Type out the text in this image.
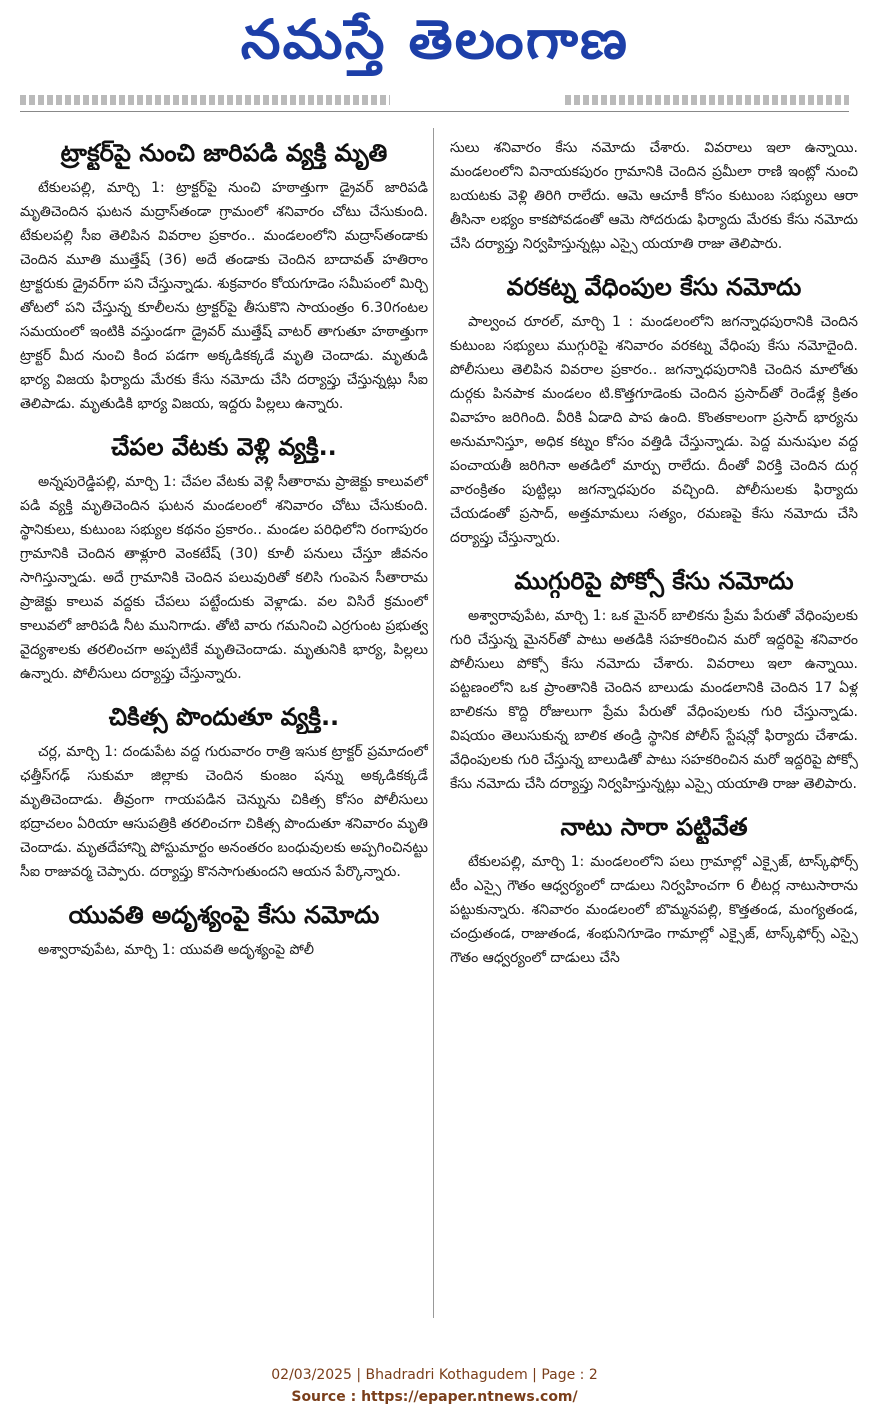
నమస్తే తెలంగాణ
ట్రాక్టర్‌పై నుంచి జారిపడి వ్యక్తి మృతి

టేకులపల్లి, మార్చి 1: ట్రాక్టర్‌పై నుంచి హఠాత్తుగా డ్రైవర్ జారిపడి మృతిచెందిన ఘటన మద్రాస్‌తండా గ్రామంలో శనివారం చోటు చేసుకుంది. టేకులపల్లి సీఐ తెలిపిన వివరాల ప్రకారం.. మండలంలోని మద్రాస్‌తండాకు చెందిన మూతి ముత్తేష్ (36) అదే తండాకు చెందిన బాదావత్ హతిరాం ట్రాక్టరుకు డ్రైవర్‌గా పని చేస్తున్నాడు. శుక్రవారం కోయగూడెం సమీపంలో మిర్చి తోటలో పని చేస్తున్న కూలీలను ట్రాక్టర్‌పై తీసుకొని సాయంత్రం 6.30గంటల సమయంలో ఇంటికి వస్తుండగా డ్రైవర్ ముత్తేష్ వాటర్ తాగుతూ హఠాత్తుగా ట్రాక్టర్ మీద నుంచి కింద పడగా అక్కడికక్కడే మృతి చెందాడు. మృతుడి భార్య విజయ ఫిర్యాదు మేరకు కేసు నమోదు చేసి దర్యాప్తు చేస్తున్నట్లు సీఐ తెలిపాడు. మృతుడికి భార్య విజయ, ఇద్దరు పిల్లలు ఉన్నారు.

చేపల వేటకు వెళ్లి వ్యక్తి..

అన్నపురెడ్డిపల్లి, మార్చి 1: చేపల వేటకు వెళ్లి సీతారామ ప్రాజెక్టు కాలువలో పడి వ్యక్తి మృతిచెందిన ఘటన మండలంలో శనివారం చోటు చేసుకుంది. స్థానికులు, కుటుంబ సభ్యుల కథనం ప్రకారం.. మండల పరిధిలోని రంగాపురం గ్రామానికి చెందిన తాళ్లూరి వెంకటేష్ (30) కూలీ పనులు చేస్తూ జీవనం సాగిస్తున్నాడు. అదే గ్రామానికి చెందిన పలువురితో కలిసి గుంపెన సీతారామ ప్రాజెక్టు కాలువ వద్దకు చేపలు పట్టేందుకు వెళ్లాడు. వల విసిరే క్రమంలో కాలువలో జారిపడి నీట మునిగాడు. తోటి వారు గమనించి ఎర్రగుంట ప్రభుత్వ వైద్యశాలకు తరలించగా అప్పటికే మృతిచెందాడు. మృతునికి భార్య, పిల్లలు ఉన్నారు. పోలీసులు దర్యాప్తు చేస్తున్నారు.

చికిత్స పొందుతూ వ్యక్తి..

చర్ల, మార్చి 1: దండుపేట వద్ద గురువారం రాత్రి ఇసుక ట్రాక్టర్ ప్రమాదంలో ఛత్తీస్‌గఢ్ సుకుమా జిల్లాకు చెందిన కుంజం షన్ను అక్కడికక్కడే మృతిచెందాడు. తీవ్రంగా గాయపడిన చెన్నును చికిత్స కోసం పోలీసులు భద్రాచలం ఏరియా ఆసుపత్రికి తరలించగా చికిత్స పొందుతూ శనివారం మృతి చెందాడు. మృతదేహాన్ని పోస్టుమార్టం అనంతరం బంధువులకు అప్పగించినట్టు సీఐ రాజువర్మ చెప్పారు. దర్యాప్తు కొనసాగుతుందని ఆయన పేర్కొన్నారు.

యువతి అదృశ్యంపై కేసు నమోదు

అశ్వారావుపేట, మార్చి 1: యువతి అదృశ్యంపై పోలీ

సులు శనివారం కేసు నమోదు చేశారు. వివరాలు ఇలా ఉన్నాయి. మండలంలోని వినాయకపురం గ్రామానికి చెందిన ప్రమీలా రాణి ఇంట్లో నుంచి బయటకు వెళ్లి తిరిగి రాలేదు. ఆమె ఆచూకీ కోసం కుటుంబ సభ్యులు ఆరా తీసినా లభ్యం కాకపోవడంతో ఆమె సోదరుడు ఫిర్యాదు మేరకు కేసు నమోదు చేసి దర్యాప్తు నిర్వహిస్తున్నట్లు ఎస్సై యయాతి రాజు తెలిపారు.

వరకట్న వేధింపుల కేసు నమోదు

పాల్వంచ రూరల్, మార్చి 1 : మండలంలోని జగన్నాధపురానికి చెందిన కుటుంబ సభ్యులు ముగ్గురిపై శనివారం వరకట్న వేధింపు కేసు నమోదైంది. పోలీసులు తెలిపిన వివరాల ప్రకారం.. జగన్నాధపురానికి చెందిన మాలోతు దుర్గకు పినపాక మండలం టి.కొత్తగూడెంకు చెందిన ప్రసాద్‌తో రెండేళ్ల క్రితం వివాహం జరిగింది. వీరికి ఏడాది పాప ఉంది. కొంతకాలంగా ప్రసాద్ భార్యను అనుమానిస్తూ, అధిక కట్నం కోసం వత్తిడి చేస్తున్నాడు. పెద్ద మనుషుల వద్ద పంచాయతీ జరిగినా అతడిలో మార్పు రాలేదు. దీంతో విరక్తి చెందిన దుర్గ వారంక్రితం పుట్టిల్లు జగన్నాధపురం వచ్చింది. పోలీసులకు ఫిర్యాదు చేయడంతో ప్రసాద్, అత్తమామలు సత్యం, రమణపై కేసు నమోదు చేసి దర్యాప్తు చేస్తున్నారు.

ముగ్గురిపై పోక్సో కేసు నమోదు

అశ్వారావుపేట, మార్చి 1: ఒక మైనర్ బాలికను ప్రేమ పేరుతో వేధింపులకు గురి చేస్తున్న మైనర్‌తో పాటు అతడికి సహకరించిన మరో ఇద్దరిపై శనివారం పోలీసులు పోక్సో కేసు నమోదు చేశారు. వివరాలు ఇలా ఉన్నాయి. పట్టణంలోని ఒక ప్రాంతానికి చెందిన బాలుడు మండలానికి చెందిన 17 ఏళ్ల బాలికను కొద్ది రోజులుగా ప్రేమ పేరుతో వేధింపులకు గురి చేస్తున్నాడు. విషయం తెలుసుకున్న బాలిక తండ్రి స్థానిక పోలీస్ స్టేషన్లో ఫిర్యాదు చేశాడు. వేధింపులకు గురి చేస్తున్న బాలుడితో పాటు సహకరించిన మరో ఇద్దరిపై పోక్సో కేసు నమోదు చేసి దర్యాప్తు నిర్వహిస్తున్నట్లు ఎస్సై యయాతి రాజు తెలిపారు.

నాటు సారా పట్టివేత

టేకులపల్లి, మార్చి 1: మండలంలోని పలు గ్రామాల్లో ఎక్సైజ్, టాస్క్‌ఫోర్స్ టీం ఎస్సై గౌతం ఆధ్వర్యంలో దాడులు నిర్వహించగా 6 లీటర్ల నాటుసారాను పట్టుకున్నారు. శనివారం మండలంలో బొమ్మనపల్లి, కొత్తతండ, మంగ్యతండ, చంద్రుతండ, రాజుతండ, శంభునిగూడెం గామాల్లో ఎక్సైజ్, టాస్క్‌ఫోర్స్ ఎస్సై గౌతం ఆధ్వర్యంలో దాడులు చేసి

02/03/2025 | Bhadradri Kothagudem | Page : 2
Source : https://epaper.ntnews.com/
